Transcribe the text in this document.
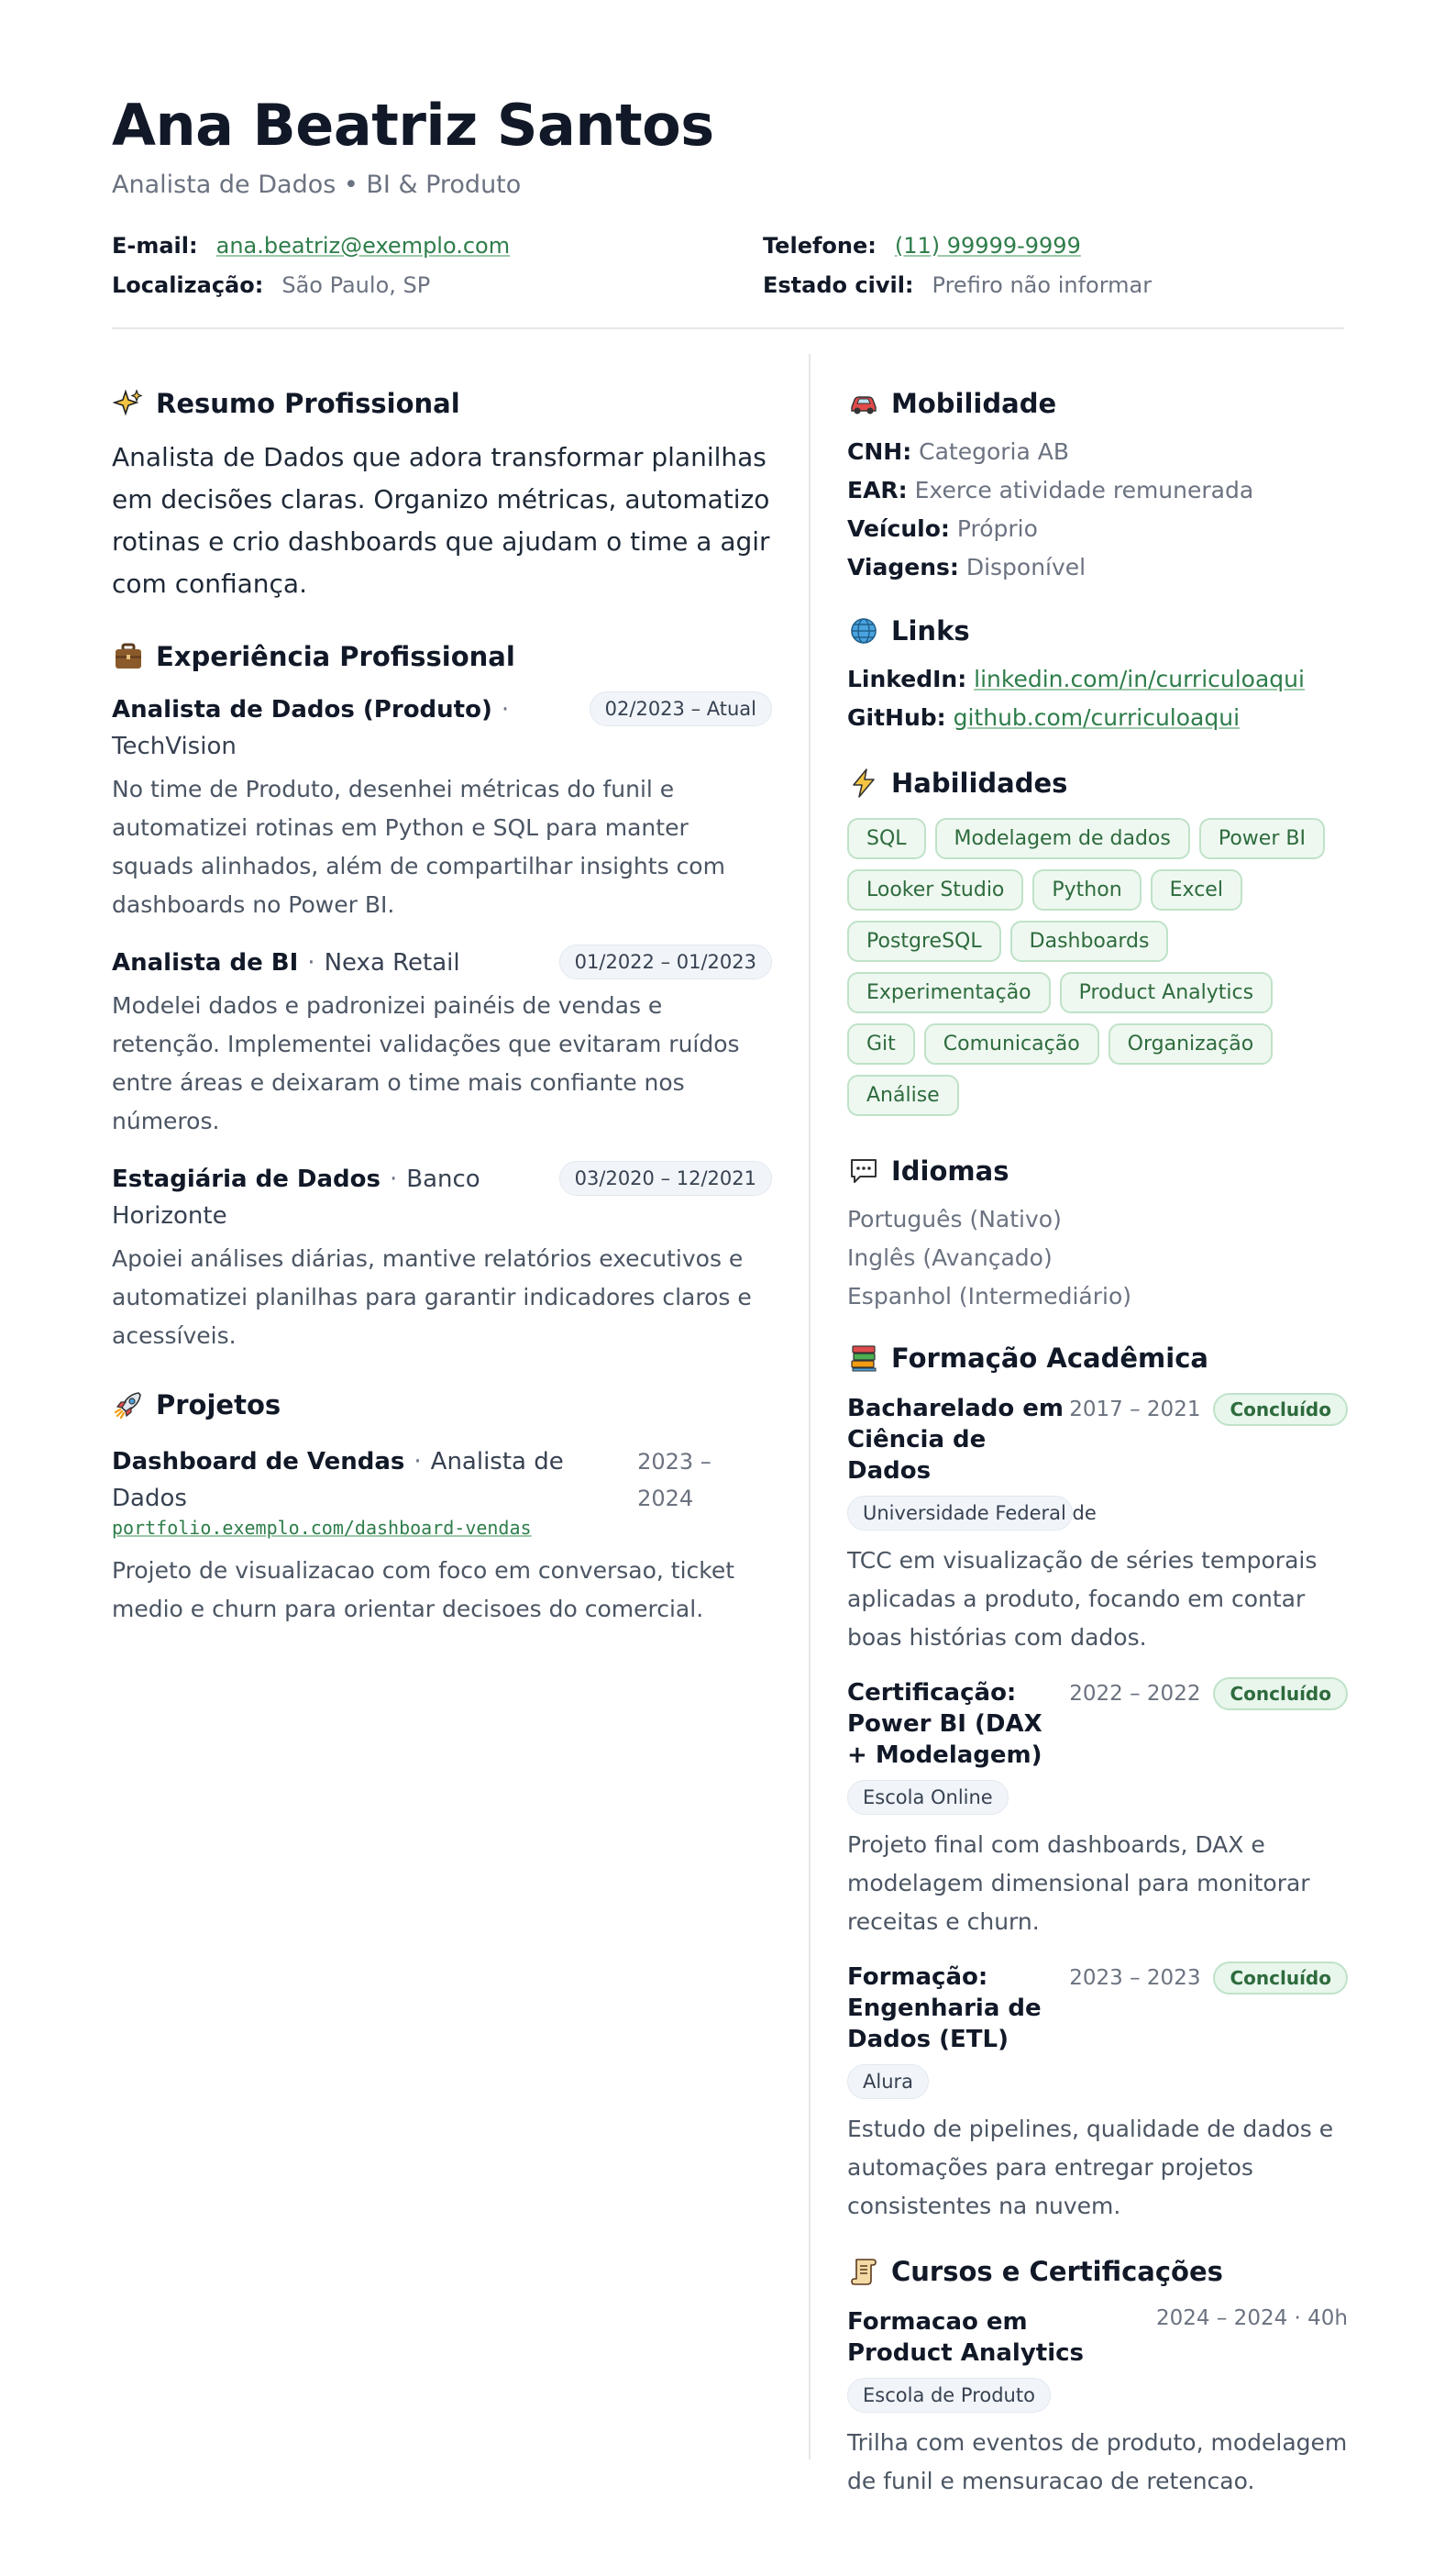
Ana Beatriz Santos
Analista de Dados • BI & Produto
E-mail: ana.beatriz@exemplo.com	Telefone: (11) 99999-9999
Localização: São Paulo, SP	Estado civil: Prefiro não informar
Resumo Profissional

Analista de Dados que adora transformar planilhas em decisões claras. Organizo métricas, automatizo rotinas e crio dashboards que ajudam o time a agir com confiança.

Experiência Profissional
Analista de Dados (Produto) ·
TechVision
02/2023 – Atual

No time de Produto, desenhei métricas do funil e automatizei rotinas em Python e SQL para manter squads alinhados, além de compartilhar insights com dashboards no Power BI.

Analista de BI · Nexa Retail	01/2022 – 01/2023

Modelei dados e padronizei painéis de vendas e retenção. Implementei validações que evitaram ruídos entre áreas e deixaram o time mais confiante nos números.

Estagiária de Dados · Banco Horizonte
03/2020 – 12/2021

Apoiei análises diárias, mantive relatórios executivos e automatizei planilhas para garantir indicadores claros e acessíveis.

Projetos
Dashboard de Vendas · Analista de Dados
2023 – 2024
portfolio.exemplo.com/dashboard-vendas

Projeto de visualizacao com foco em conversao, ticket medio e churn para orientar decisoes do comercial.

Mobilidade
CNH: Categoria AB
EAR: Exerce atividade remunerada
Veículo: Próprio
Viagens: Disponível
Links
LinkedIn: linkedin.com/in/curriculoaqui
GitHub: github.com/curriculoaqui
Habilidades
SQL	Modelagem de dados	Power BI
Looker Studio	Python	Excel
PostgreSQL	Dashboards
Experimentação	Product Analytics
Git	Comunicação	Organização
Análise
Idiomas
Português (Nativo)
Inglês (Avançado)
Espanhol (Intermediário)
Formação Acadêmica
Bacharelado em Ciência de Dados
2017 – 2021	Concluído
Universidade Federal de

TCC em visualização de séries temporais aplicadas a produto, focando em contar boas histórias com dados.

Certificação: Power BI (DAX + Modelagem)
2022 – 2022	Concluído
Escola Online

Projeto final com dashboards, DAX e modelagem dimensional para monitorar receitas e churn.

Formação: Engenharia de Dados (ETL)
2023 – 2023	Concluído
Alura

Estudo de pipelines, qualidade de dados e automações para entregar projetos consistentes na nuvem.

Cursos e Certificações
Formacao em Product Analytics
2024 – 2024 · 40h
Escola de Produto

Trilha com eventos de produto, modelagem de funil e mensuracao de retencao.
